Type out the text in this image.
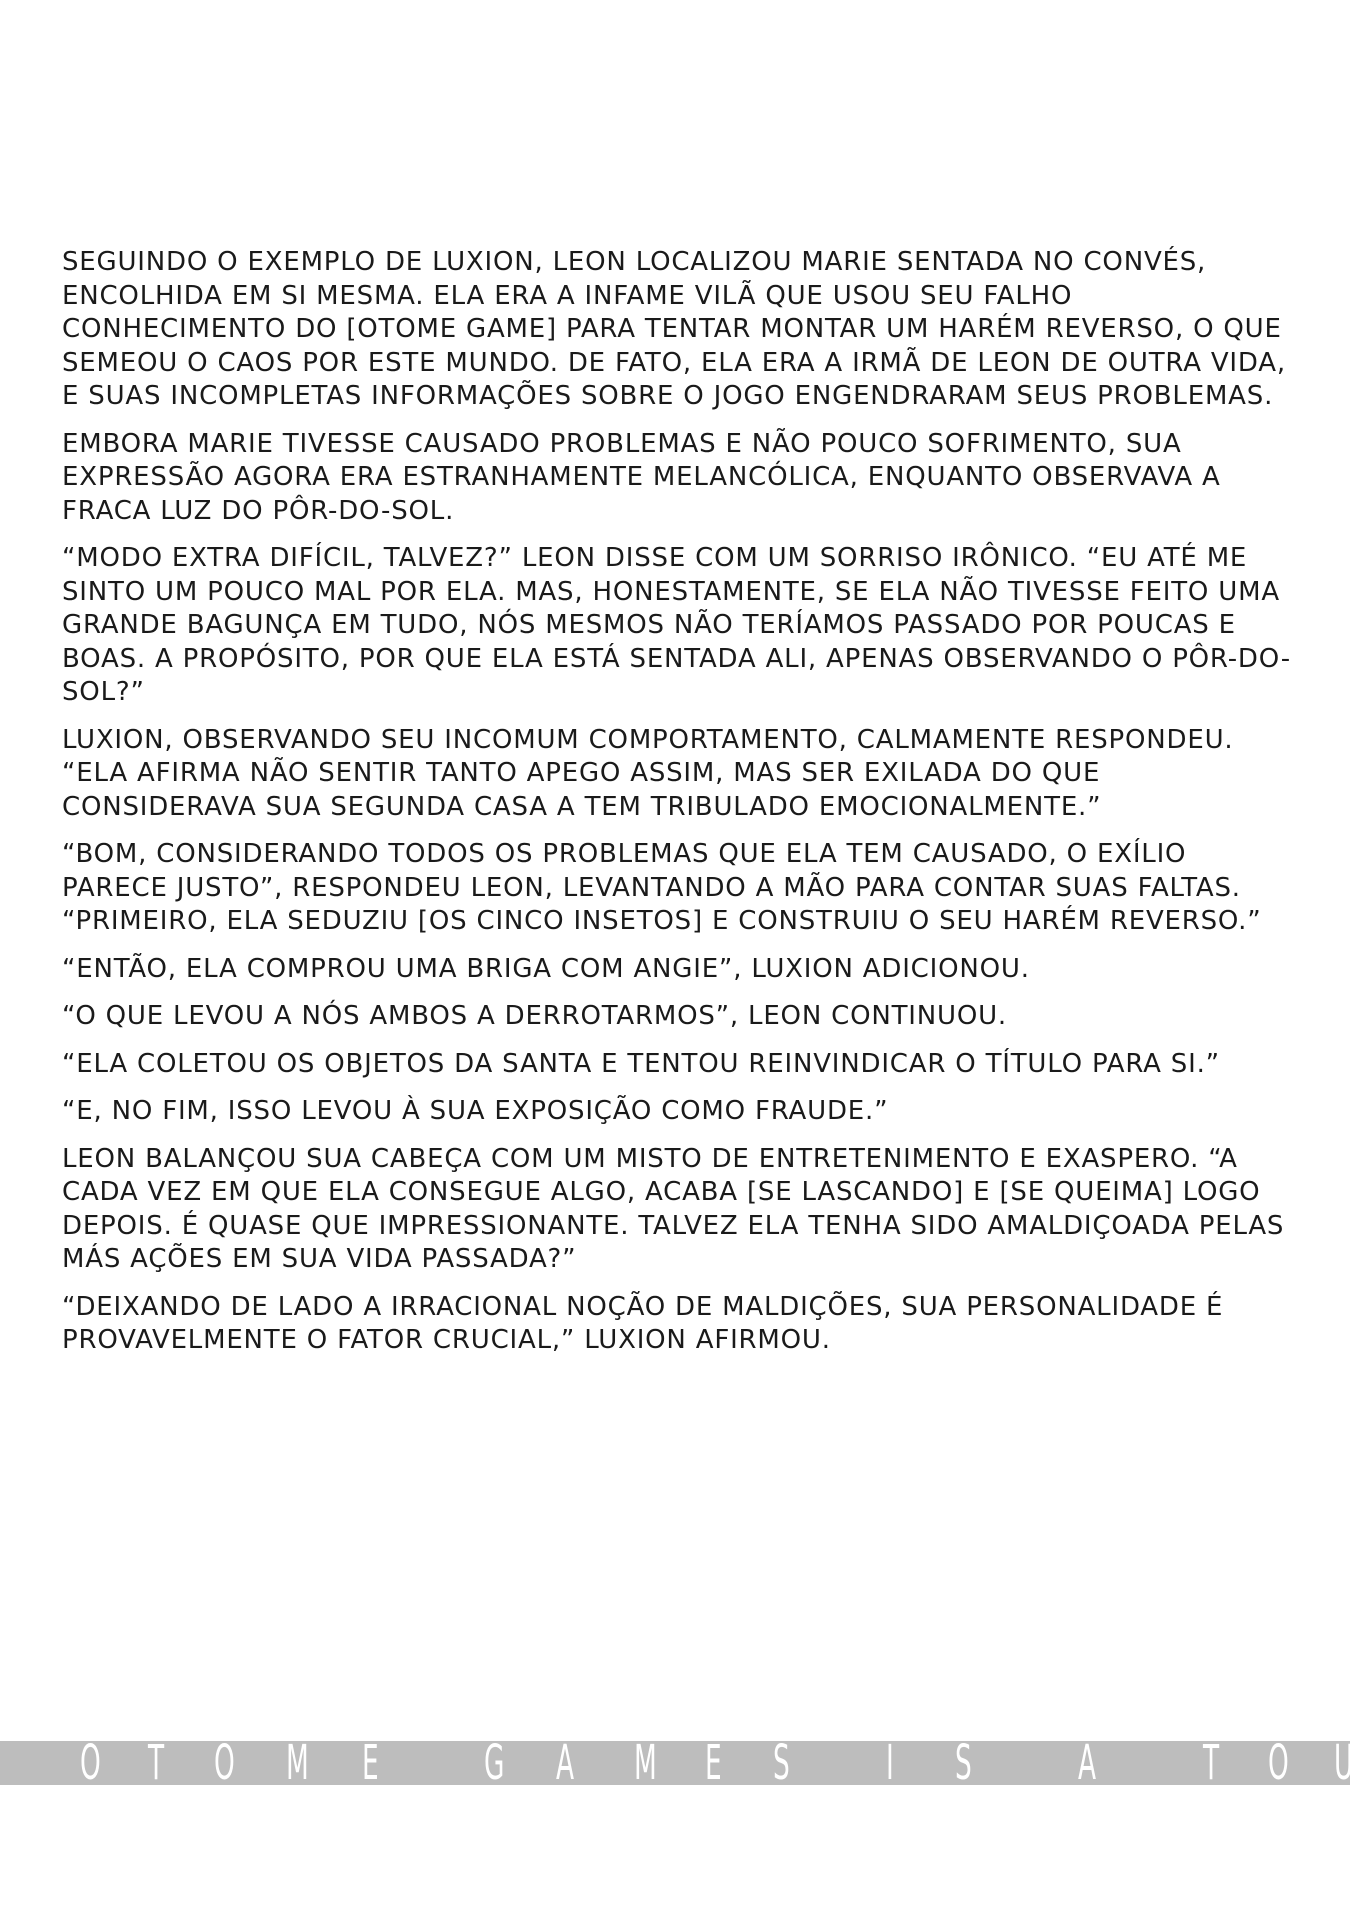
SEGUINDO O EXEMPLO DE LUXION, LEON LOCALIZOU MARIE SENTADA NO CONVÉS, ENCOLHIDA EM SI MESMA. ELA ERA A INFAME VILÃ QUE USOU SEU FALHO CONHECIMENTO DO [OTOME GAME] PARA TENTAR MONTAR UM HARÉM REVERSO, O QUE SEMEOU O CAOS POR ESTE MUNDO. DE FATO, ELA ERA A IRMÃ DE LEON DE OUTRA VIDA, E SUAS INCOMPLETAS INFORMAÇÕES SOBRE O JOGO ENGENDRARAM SEUS PROBLEMAS.

EMBORA MARIE TIVESSE CAUSADO PROBLEMAS E NÃO POUCO SOFRIMENTO, SUA EXPRESSÃO AGORA ERA ESTRANHAMENTE MELANCÓLICA, ENQUANTO OBSERVAVA A FRACA LUZ DO PÔR-DO-SOL.

“MODO EXTRA DIFÍCIL, TALVEZ?” LEON DISSE COM UM SORRISO IRÔNICO. “EU ATÉ ME SINTO UM POUCO MAL POR ELA. MAS, HONESTAMENTE, SE ELA NÃO TIVESSE FEITO UMA GRANDE BAGUNÇA EM TUDO, NÓS MESMOS NÃO TERÍAMOS PASSADO POR POUCAS E BOAS. A PROPÓSITO, POR QUE ELA ESTÁ SENTADA ALI, APENAS OBSERVANDO O PÔR-DO-SOL?”

LUXION, OBSERVANDO SEU INCOMUM COMPORTAMENTO, CALMAMENTE RESPONDEU. “ELA AFIRMA NÃO SENTIR TANTO APEGO ASSIM, MAS SER EXILADA DO QUE CONSIDERAVA SUA SEGUNDA CASA A TEM TRIBULADO EMOCIONALMENTE.”

“BOM, CONSIDERANDO TODOS OS PROBLEMAS QUE ELA TEM CAUSADO, O EXÍLIO PARECE JUSTO”, RESPONDEU LEON, LEVANTANDO A MÃO PARA CONTAR SUAS FALTAS. “PRIMEIRO, ELA SEDUZIU [OS CINCO INSETOS] E CONSTRUIU O SEU HARÉM REVERSO.”

“ENTÃO, ELA COMPROU UMA BRIGA COM ANGIE”, LUXION ADICIONOU.

“O QUE LEVOU A NÓS AMBOS A DERROTARMOS”, LEON CONTINUOU.

“ELA COLETOU OS OBJETOS DA SANTA E TENTOU REINVINDICAR O TÍTULO PARA SI.”

“E, NO FIM, ISSO LEVOU À SUA EXPOSIÇÃO COMO FRAUDE.”

LEON BALANÇOU SUA CABEÇA COM UM MISTO DE ENTRETENIMENTO E EXASPERO. “A CADA VEZ EM QUE ELA CONSEGUE ALGO, ACABA [SE LASCANDO] E [SE QUEIMA] LOGO DEPOIS. É QUASE QUE IMPRESSIONANTE. TALVEZ ELA TENHA SIDO AMALDIÇOADA PELAS MÁS AÇÕES EM SUA VIDA PASSADA?”

“DEIXANDO DE LADO A IRRACIONAL NOÇÃO DE MALDIÇÕES, SUA PERSONALIDADE É PROVAVELMENTE O FATOR CRUCIAL,” LUXION AFIRMOU.

O T O M E G A M E S I S A T O U
